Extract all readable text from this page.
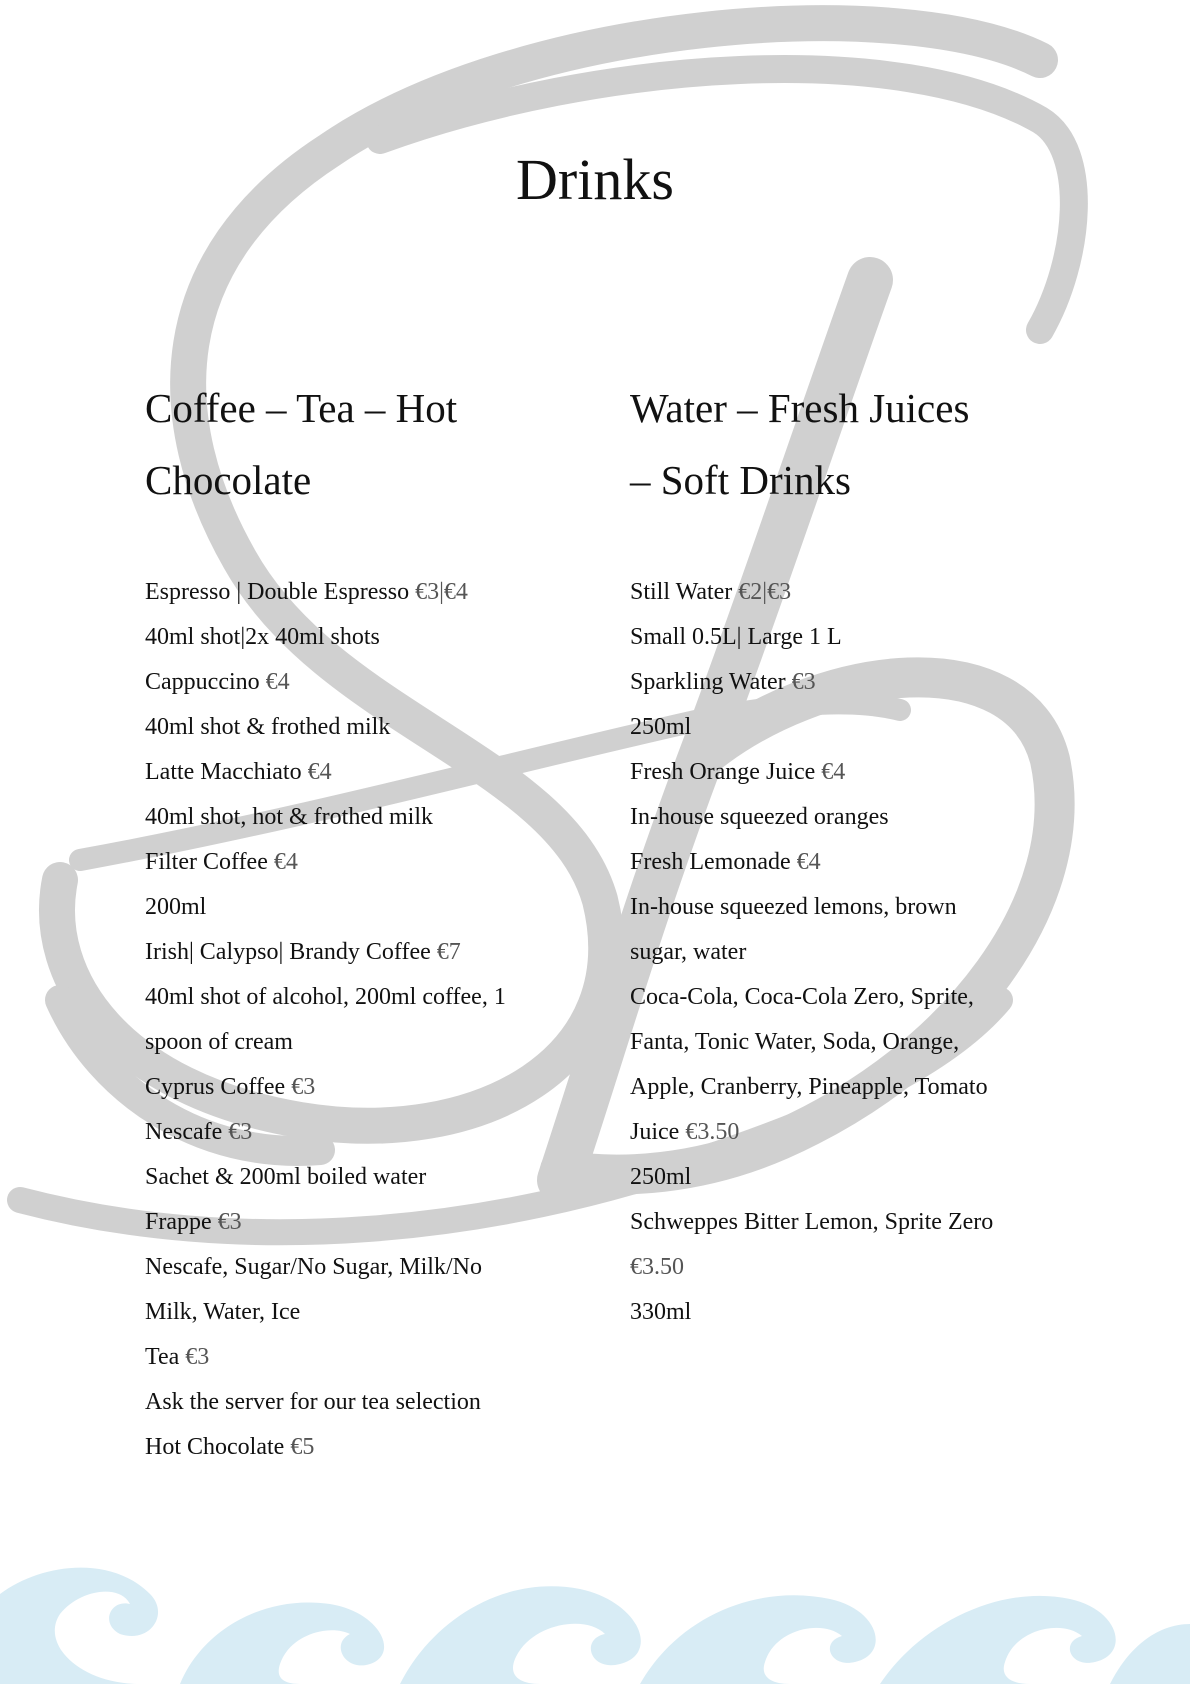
Drinks
Coffee – Tea – Hot
Chocolate
Espresso | Double Espresso €3|€4
40ml shot|2x 40ml shots
Cappuccino €4
40ml shot & frothed milk
Latte Macchiato €4
40ml shot, hot & frothed milk
Filter Coffee €4
200ml
Irish| Calypso| Brandy Coffee €7
40ml shot of alcohol, 200ml coffee, 1
spoon of cream
Cyprus Coffee €3
Nescafe €3
Sachet & 200ml boiled water
Frappe €3
Nescafe, Sugar/No Sugar, Milk/No
Milk, Water, Ice
Tea €3
Ask the server for our tea selection
Hot Chocolate €5
Water – Fresh Juices
– Soft Drinks
Still Water €2|€3
Small 0.5L| Large 1 L
Sparkling Water €3
250ml
Fresh Orange Juice €4
In-house squeezed oranges
Fresh Lemonade €4
In-house squeezed lemons, brown
sugar, water
Coca-Cola, Coca-Cola Zero, Sprite,
Fanta, Tonic Water, Soda, Orange,
Apple, Cranberry, Pineapple, Tomato
Juice €3.50
250ml
Schweppes Bitter Lemon, Sprite Zero
€3.50
330ml
